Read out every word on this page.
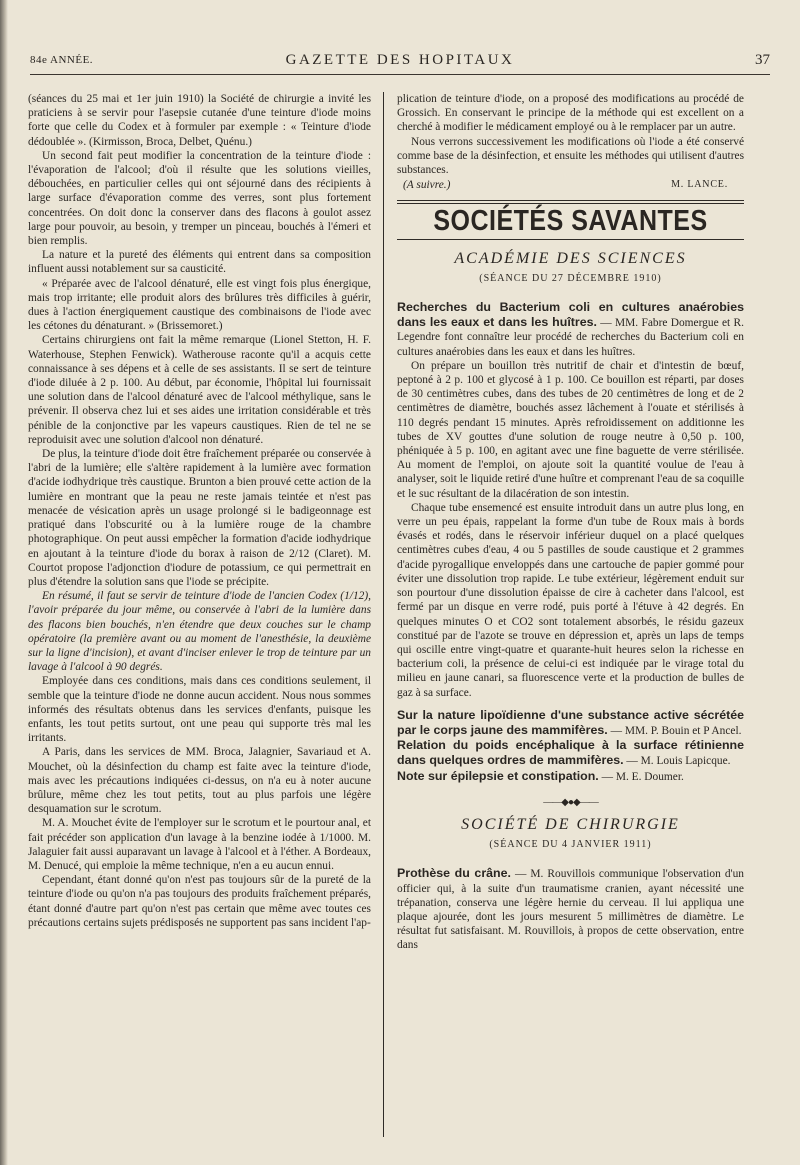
84e ANNÉE.	GAZETTE DES HOPITAUX	37

(séances du 25 mai et 1er juin 1910) la Société de chirurgie a invité les praticiens à se servir pour l'asepsie cutanée d'une teinture d'iode moins forte que celle du Codex et à formuler par exemple : « Teinture d'iode dédoublée ». (Kirmisson, Broca, Delbet, Quénu.)

Un second fait peut modifier la concentration de la teinture d'iode : l'évaporation de l'alcool; d'où il résulte que les solutions vieilles, débouchées, en particulier celles qui ont séjourné dans des récipients à large surface d'évaporation comme des verres, sont plus fortement concentrées. On doit donc la conserver dans des flacons à goulot assez large pour pouvoir, au besoin, y tremper un pinceau, bouchés à l'émeri et bien remplis.

La nature et la pureté des éléments qui entrent dans sa composition influent aussi notablement sur sa causticité.

« Préparée avec de l'alcool dénaturé, elle est vingt fois plus énergique, mais trop irritante; elle produit alors des brûlures très difficiles à guérir, dues à l'action énergiquement caustique des combinaisons de l'iode avec les cétones du dénaturant. » (Brissemoret.)

Certains chirurgiens ont fait la même remarque (Lionel Stetton, H. F. Waterhouse, Stephen Fenwick). Watherouse raconte qu'il a acquis cette connaissance à ses dépens et à celle de ses assistants. Il se sert de teinture d'iode diluée à 2 p. 100. Au début, par économie, l'hôpital lui fournissait une solution dans de l'alcool dénaturé avec de l'alcool méthylique, sans le prévenir. Il observa chez lui et ses aides une irritation considérable et très pénible de la conjonctive par les vapeurs caustiques. Rien de tel ne se reproduisit avec une solution d'alcool non dénaturé.

De plus, la teinture d'iode doit être fraîchement préparée ou conservée à l'abri de la lumière; elle s'altère rapidement à la lumière avec formation d'acide iodhydrique très caustique. Brunton a bien prouvé cette action de la lumière en montrant que la peau ne reste jamais teintée et n'est pas menacée de vésication après un usage prolongé si le badigeonnage est pratiqué dans l'obscurité ou à la lumière rouge de la chambre photographique. On peut aussi empêcher la formation d'acide iodhydrique en ajoutant à la teinture d'iode du borax à raison de 2/12 (Claret). M. Courtot propose l'adjonction d'iodure de potassium, ce qui permettrait en plus d'étendre la solution sans que l'iode se précipite.

En résumé, il faut se servir de teinture d'iode de l'ancien Codex (1/12), l'avoir préparée du jour même, ou conservée à l'abri de la lumière dans des flacons bien bouchés, n'en étendre que deux couches sur le champ opératoire (la première avant ou au moment de l'anesthésie, la deuxième sur la ligne d'incision), et avant d'inciser enlever le trop de teinture par un lavage à l'alcool à 90 degrés.

Employée dans ces conditions, mais dans ces conditions seulement, il semble que la teinture d'iode ne donne aucun accident. Nous nous sommes informés des résultats obtenus dans les services d'enfants, puisque les enfants, les tout petits surtout, ont une peau qui supporte très mal les irritants.

A Paris, dans les services de MM. Broca, Jalagnier, Savariaud et A. Mouchet, où la désinfection du champ est faite avec la teinture d'iode, mais avec les précautions indiquées ci-dessus, on n'a eu à noter aucune brûlure, même chez les tout petits, tout au plus parfois une légère desquamation sur le scrotum.

M. A. Mouchet évite de l'employer sur le scrotum et le pourtour anal, et fait précéder son application d'un lavage à la benzine iodée à 1/1000. M. Jalaguier fait aussi auparavant un lavage à l'alcool et à l'éther. A Bordeaux, M. Denucé, qui emploie la même technique, n'en a eu aucun ennui.

Cependant, étant donné qu'on n'est pas toujours sûr de la pureté de la teinture d'iode ou qu'on n'a pas toujours des produits fraîchement préparés, étant donné d'autre part qu'on n'est pas certain que même avec toutes ces précautions certains sujets prédisposés ne supportent pas sans incident l'ap-

plication de teinture d'iode, on a proposé des modifications au procédé de Grossich. En conservant le principe de la méthode qui est excellent on a cherché à modifier le médicament employé ou à le remplacer par un autre.

Nous verrons successivement les modifications où l'iode a été conservé comme base de la désinfection, et ensuite les méthodes qui utilisent d'autres substances.

(A suivre.)	M. LANCE.
SOCIÉTÉS SAVANTES
ACADÉMIE DES SCIENCES
(SÉANCE DU 27 DÉCEMBRE 1910)

Recherches du Bacterium coli en cultures anaérobies dans les eaux et dans les huîtres. — MM. Fabre Domergue et R. Legendre font connaître leur procédé de recherches du Bacterium coli en cultures anaérobies dans les eaux et dans les huîtres.

On prépare un bouillon très nutritif de chair et d'intestin de bœuf, peptoné à 2 p. 100 et glycosé à 1 p. 100. Ce bouillon est réparti, par doses de 30 centimètres cubes, dans des tubes de 20 centimètres de long et de 2 centimètres de diamètre, bouchés assez lâchement à l'ouate et stérilisés à 110 degrés pendant 15 minutes. Après refroidissement on additionne les tubes de XV gouttes d'une solution de rouge neutre à 0,50 p. 100, phéniquée à 5 p. 100, en agitant avec une fine baguette de verre stérilisée. Au moment de l'emploi, on ajoute soit la quantité voulue de l'eau à analyser, soit le liquide retiré d'une huître et comprenant l'eau de sa coquille et le suc résultant de la dilacération de son intestin.

Chaque tube ensemencé est ensuite introduit dans un autre plus long, en verre un peu épais, rappelant la forme d'un tube de Roux mais à bords évasés et rodés, dans le réservoir inférieur duquel on a placé quelques centimètres cubes d'eau, 4 ou 5 pastilles de soude caustique et 2 grammes d'acide pyrogallique enveloppés dans une cartouche de papier gommé pour éviter une dissolution trop rapide. Le tube extérieur, légèrement enduit sur son pourtour d'une dissolution épaisse de cire à cacheter dans l'alcool, est fermé par un disque en verre rodé, puis porté à l'étuve à 42 degrés. En quelques minutes O et CO2 sont totalement absorbés, le résidu gazeux constitué par de l'azote se trouve en dépression et, après un laps de temps qui oscille entre vingt-quatre et quarante-huit heures selon la richesse en bacterium coli, la présence de celui-ci est indiquée par le virage total du milieu en jaune canari, sa fluorescence verte et la production de bulles de gaz à sa surface.

Sur la nature lipoïdienne d'une substance active sécrétée par le corps jaune des mammifères. — MM. P. Bouin et P Ancel.

Relation du poids encéphalique à la surface rétinienne dans quelques ordres de mammifères. — M. Louis Lapicque.

Note sur épilepsie et constipation. — M. E. Doumer.

——◆●◆——
SOCIÉTÉ DE CHIRURGIE
(SÉANCE DU 4 JANVIER 1911)

Prothèse du crâne. — M. Rouvillois communique l'observation d'un officier qui, à la suite d'un traumatisme cranien, ayant nécessité une trépanation, conserva une légère hernie du cerveau. Il lui appliqua une plaque ajourée, dont les jours mesurent 5 millimètres de diamètre. Le résultat fut satisfaisant. M. Rouvillois, à propos de cette observation, entre dans
